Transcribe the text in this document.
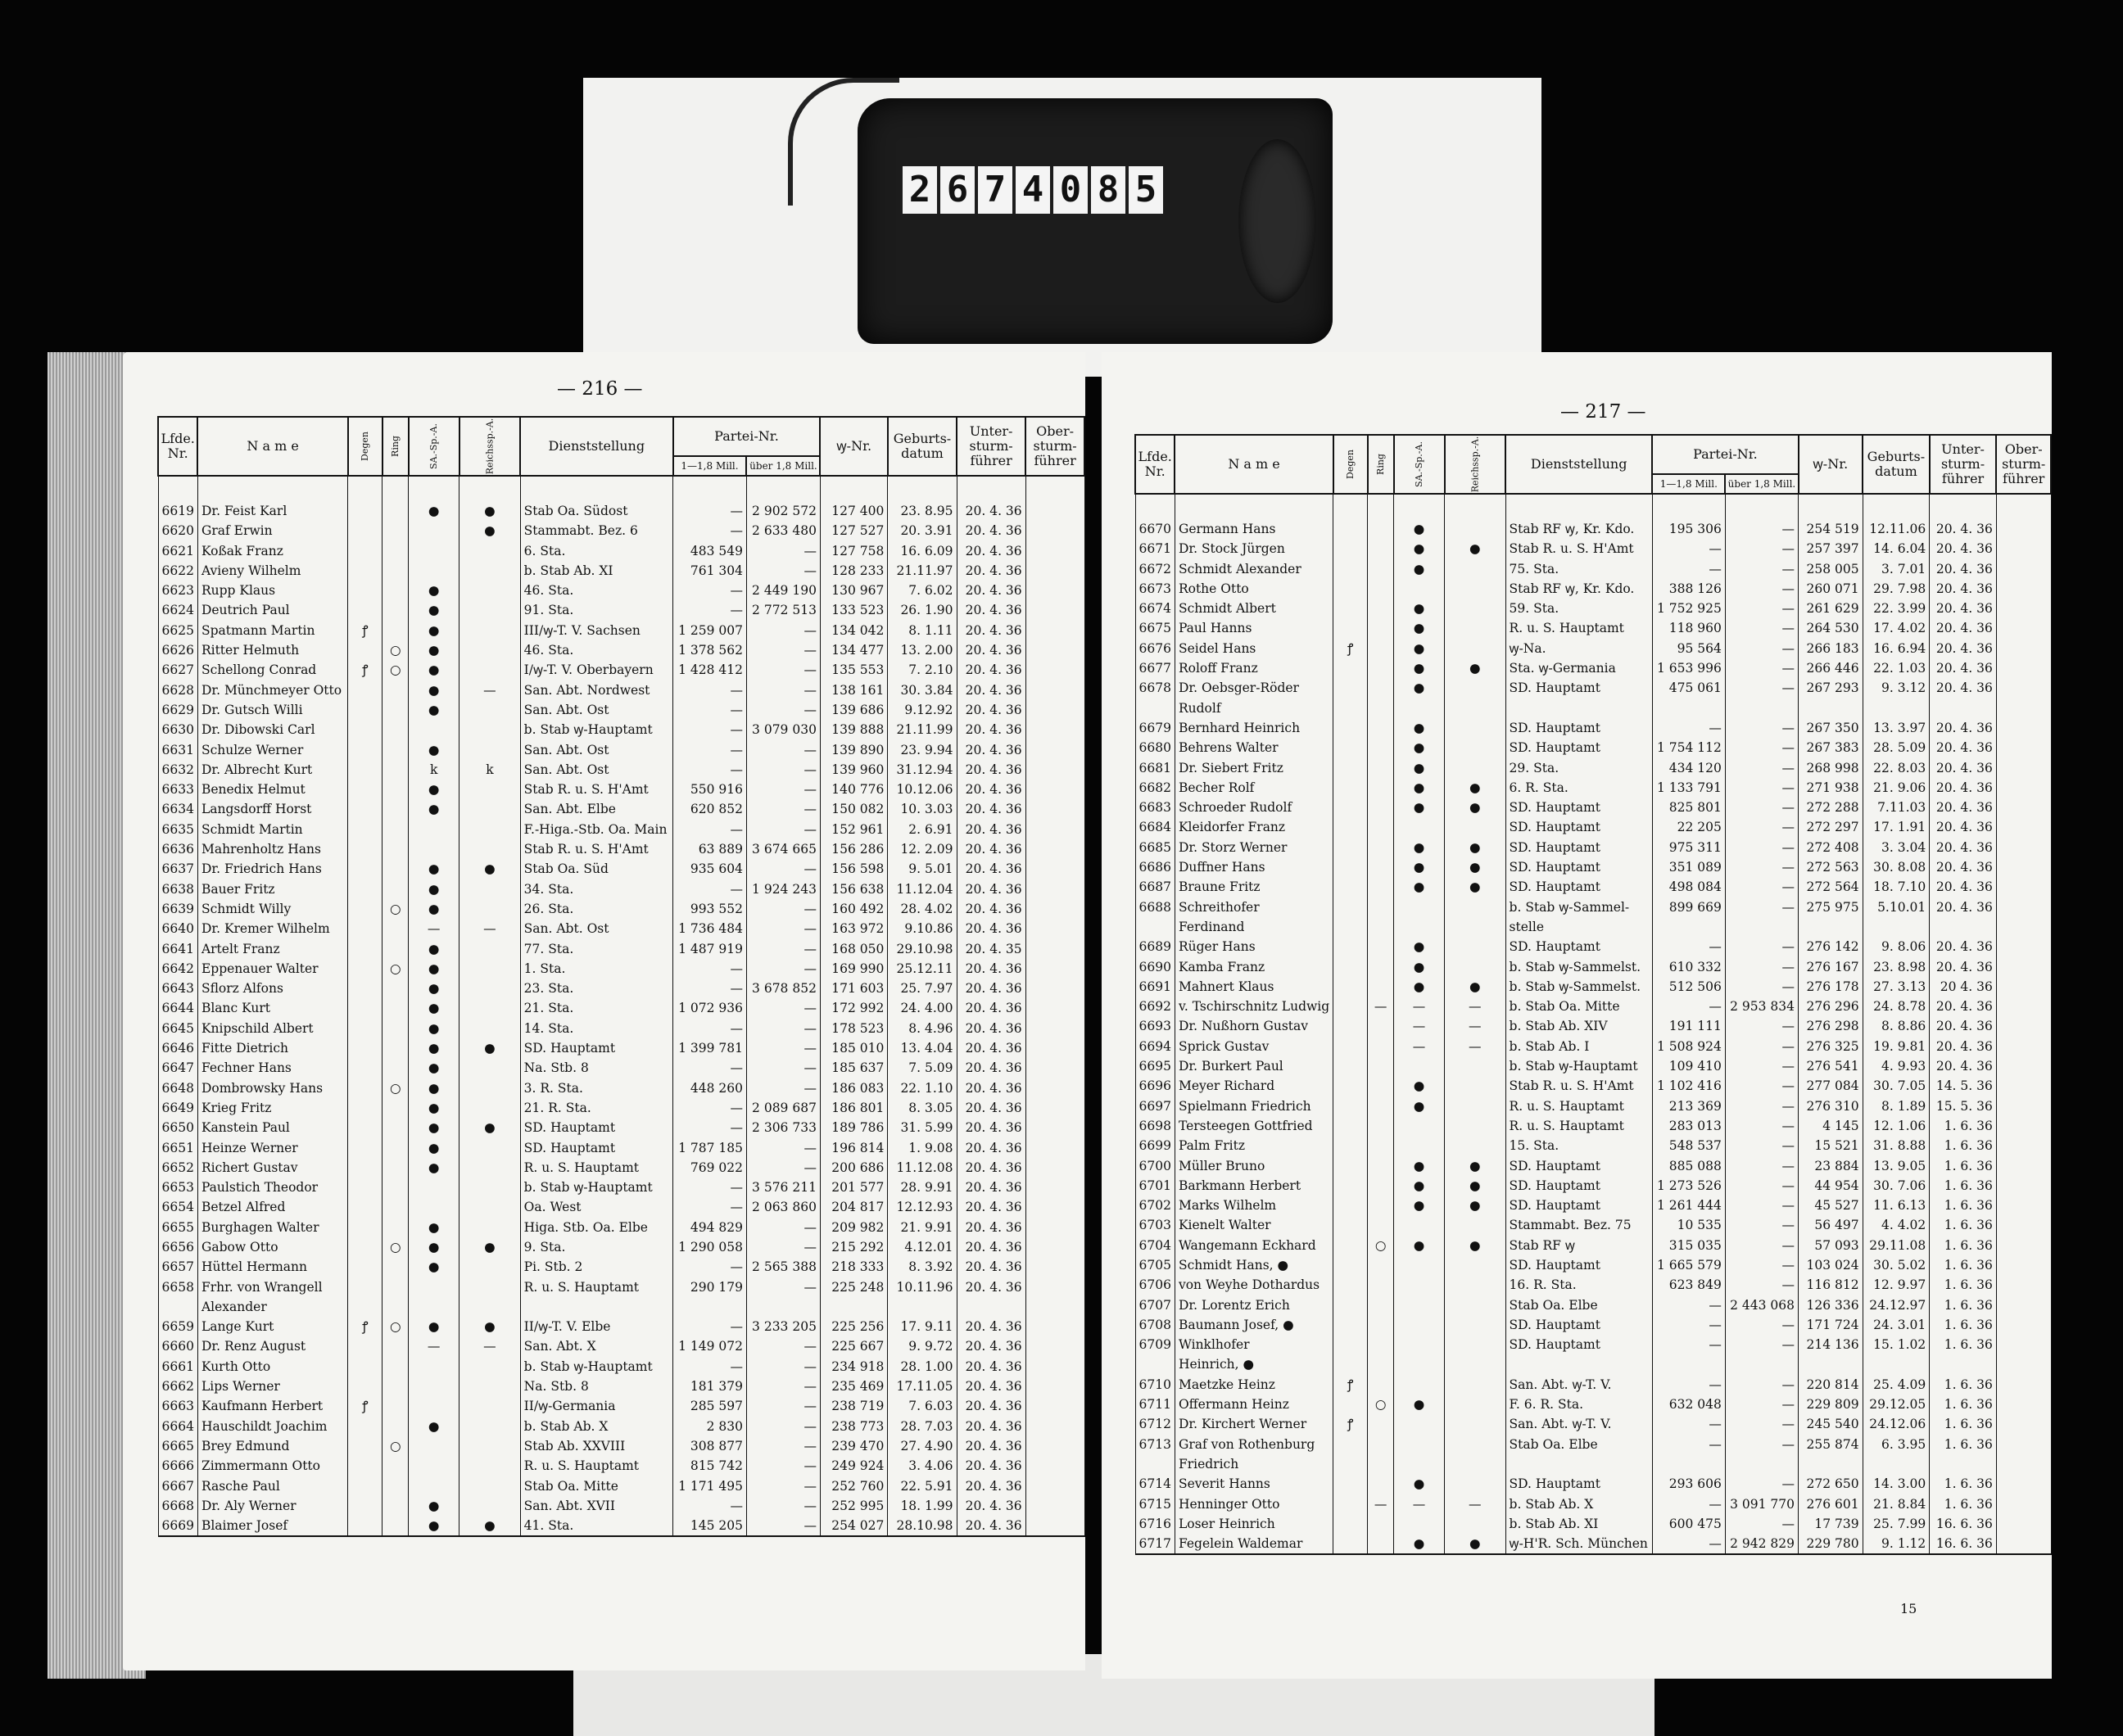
2 6 7 4 0 8 5
— 216 —
Lfde. Nr.	N a m e	Degen	Ring	SA.-Sp.-A.	Reichssp.-A.	Dienststellung	Partei-Nr.		ꝡ-Nr.	Geburts-datum	Unter-sturm-führer	Ober-sturm-führer
							1—1,8 Mill.	über 1,8 Mill.				

6619	Dr. Feist Karl			●	●	Stab Oa. Südost	—	2 902 572	127 400	23. 8.95	20. 4. 36	
6620	Graf Erwin				●	Stammabt. Bez. 6	—	2 633 480	127 527	20. 3.91	20. 4. 36	
6621	Koßak Franz					6. Sta.	483 549	—	127 758	16. 6.09	20. 4. 36	
6622	Avieny Wilhelm					b. Stab Ab. XI	761 304	—	128 233	21.11.97	20. 4. 36	
6623	Rupp Klaus			●		46. Sta.	—	2 449 190	130 967	7. 6.02	20. 4. 36	
6624	Deutrich Paul			●		91. Sta.	—	2 772 513	133 523	26. 1.90	20. 4. 36	
6625	Spatmann Martin	ꝭ		●		III/ꝡ-T. V. Sachsen	1 259 007	—	134 042	8. 1.11	20. 4. 36	
6626	Ritter Helmuth		○	●		46. Sta.	1 378 562	—	134 477	13. 2.00	20. 4. 36	
6627	Schellong Conrad	ꝭ	○	●		I/ꝡ-T. V. Oberbayern	1 428 412	—	135 553	7. 2.10	20. 4. 36	
6628	Dr. Münchmeyer Otto			●	—	San. Abt. Nordwest	—	—	138 161	30. 3.84	20. 4. 36	
6629	Dr. Gutsch Willi			●		San. Abt. Ost	—	—	139 686	9.12.92	20. 4. 36	
6630	Dr. Dibowski Carl					b. Stab ꝡ-Hauptamt	—	3 079 030	139 888	21.11.99	20. 4. 36	
6631	Schulze Werner			●		San. Abt. Ost	—	—	139 890	23. 9.94	20. 4. 36	
6632	Dr. Albrecht Kurt			k	k	San. Abt. Ost	—	—	139 960	31.12.94	20. 4. 36	
6633	Benedix Helmut			●		Stab R. u. S. H'Amt	550 916	—	140 776	10.12.06	20. 4. 36	
6634	Langsdorff Horst			●		San. Abt. Elbe	620 852	—	150 082	10. 3.03	20. 4. 36	
6635	Schmidt Martin					F.-Higa.-Stb. Oa. Main	—	—	152 961	2. 6.91	20. 4. 36	
6636	Mahrenholtz Hans					Stab R. u. S. H'Amt	63 889	3 674 665	156 286	12. 2.09	20. 4. 36	
6637	Dr. Friedrich Hans			●	●	Stab Oa. Süd	935 604	—	156 598	9. 5.01	20. 4. 36	
6638	Bauer Fritz			●		34. Sta.	—	1 924 243	156 638	11.12.04	20. 4. 36	
6639	Schmidt Willy		○	●		26. Sta.	993 552	—	160 492	28. 4.02	20. 4. 36	
6640	Dr. Kremer Wilhelm			—	—	San. Abt. Ost	1 736 484	—	163 972	9.10.86	20. 4. 36	
6641	Artelt Franz			●		77. Sta.	1 487 919	—	168 050	29.10.98	20. 4. 35	
6642	Eppenauer Walter		○	●		1. Sta.	—	—	169 990	25.12.11	20. 4. 36	
6643	Sflorz Alfons			●		23. Sta.	—	3 678 852	171 603	25. 7.97	20. 4. 36	
6644	Blanc Kurt			●		21. Sta.	1 072 936	—	172 992	24. 4.00	20. 4. 36	
6645	Knipschild Albert			●		14. Sta.	—	—	178 523	8. 4.96	20. 4. 36	
6646	Fitte Dietrich			●	●	SD. Hauptamt	1 399 781	—	185 010	13. 4.04	20. 4. 36	
6647	Fechner Hans			●		Na. Stb. 8	—	—	185 637	7. 5.09	20. 4. 36	
6648	Dombrowsky Hans		○	●		3. R. Sta.	448 260	—	186 083	22. 1.10	20. 4. 36	
6649	Krieg Fritz			●		21. R. Sta.	—	2 089 687	186 801	8. 3.05	20. 4. 36	
6650	Kanstein Paul			●	●	SD. Hauptamt	—	2 306 733	189 786	31. 5.99	20. 4. 36	
6651	Heinze Werner			●		SD. Hauptamt	1 787 185	—	196 814	1. 9.08	20. 4. 36	
6652	Richert Gustav			●		R. u. S. Hauptamt	769 022	—	200 686	11.12.08	20. 4. 36	
6653	Paulstich Theodor					b. Stab ꝡ-Hauptamt	—	3 576 211	201 577	28. 9.91	20. 4. 36	
6654	Betzel Alfred					Oa. West	—	2 063 860	204 817	12.12.93	20. 4. 36	
6655	Burghagen Walter			●		Higa. Stb. Oa. Elbe	494 829	—	209 982	21. 9.91	20. 4. 36	
6656	Gabow Otto		○	●	●	9. Sta.	1 290 058	—	215 292	4.12.01	20. 4. 36	
6657	Hüttel Hermann			●		Pi. Stb. 2	—	2 565 388	218 333	8. 3.92	20. 4. 36	
6658	Frhr. von Wrangell					R. u. S. Hauptamt	290 179	—	225 248	10.11.96	20. 4. 36	
	Alexander											
6659	Lange Kurt	ꝭ	○	●	●	II/ꝡ-T. V. Elbe	—	3 233 205	225 256	17. 9.11	20. 4. 36	
6660	Dr. Renz August			—	—	San. Abt. X	1 149 072	—	225 667	9. 9.72	20. 4. 36	
6661	Kurth Otto					b. Stab ꝡ-Hauptamt	—	—	234 918	28. 1.00	20. 4. 36	
6662	Lips Werner					Na. Stb. 8	181 379	—	235 469	17.11.05	20. 4. 36	
6663	Kaufmann Herbert	ꝭ				II/ꝡ-Germania	285 597	—	238 719	7. 6.03	20. 4. 36	
6664	Hauschildt Joachim			●		b. Stab Ab. X	2 830	—	238 773	28. 7.03	20. 4. 36	
6665	Brey Edmund		○			Stab Ab. XXVIII	308 877	—	239 470	27. 4.90	20. 4. 36	
6666	Zimmermann Otto					R. u. S. Hauptamt	815 742	—	249 924	3. 4.06	20. 4. 36	
6667	Rasche Paul					Stab Oa. Mitte	1 171 495	—	252 760	22. 5.91	20. 4. 36	
6668	Dr. Aly Werner			●		San. Abt. XVII	—	—	252 995	18. 1.99	20. 4. 36	
6669	Blaimer Josef			●	●	41. Sta.	145 205	—	254 027	28.10.98	20. 4. 36	
— 217 —
Lfde. Nr.	N a m e	Degen	Ring	SA.-Sp.-A.	Reichssp.-A.	Dienststellung	Partei-Nr.		ꝡ-Nr.	Geburts-datum	Unter-sturm-führer	Ober-sturm-führer
							1—1,8 Mill.	über 1,8 Mill.				

6670	Germann Hans			●		Stab RF ꝡ, Kr. Kdo.	195 306	—	254 519	12.11.06	20. 4. 36	
6671	Dr. Stock Jürgen			●	●	Stab R. u. S. H'Amt	—	—	257 397	14. 6.04	20. 4. 36	
6672	Schmidt Alexander			●		75. Sta.	—	—	258 005	3. 7.01	20. 4. 36	
6673	Rothe Otto					Stab RF ꝡ, Kr. Kdo.	388 126	—	260 071	29. 7.98	20. 4. 36	
6674	Schmidt Albert			●		59. Sta.	1 752 925	—	261 629	22. 3.99	20. 4. 36	
6675	Paul Hanns			●		R. u. S. Hauptamt	118 960	—	264 530	17. 4.02	20. 4. 36	
6676	Seidel Hans	ꝭ		●		ꝡ-Na.	95 564	—	266 183	16. 6.94	20. 4. 36	
6677	Roloff Franz			●	●	Sta. ꝡ-Germania	1 653 996	—	266 446	22. 1.03	20. 4. 36	
6678	Dr. Oebsger-Röder			●		SD. Hauptamt	475 061	—	267 293	9. 3.12	20. 4. 36	
	Rudolf											
6679	Bernhard Heinrich			●		SD. Hauptamt	—	—	267 350	13. 3.97	20. 4. 36	
6680	Behrens Walter			●		SD. Hauptamt	1 754 112	—	267 383	28. 5.09	20. 4. 36	
6681	Dr. Siebert Fritz			●		29. Sta.	434 120	—	268 998	22. 8.03	20. 4. 36	
6682	Becher Rolf			●	●	6. R. Sta.	1 133 791	—	271 938	21. 9.06	20. 4. 36	
6683	Schroeder Rudolf			●	●	SD. Hauptamt	825 801	—	272 288	7.11.03	20. 4. 36	
6684	Kleidorfer Franz					SD. Hauptamt	22 205	—	272 297	17. 1.91	20. 4. 36	
6685	Dr. Storz Werner			●	●	SD. Hauptamt	975 311	—	272 408	3. 3.04	20. 4. 36	
6686	Duffner Hans			●	●	SD. Hauptamt	351 089	—	272 563	30. 8.08	20. 4. 36	
6687	Braune Fritz			●	●	SD. Hauptamt	498 084	—	272 564	18. 7.10	20. 4. 36	
6688	Schreithofer					b. Stab ꝡ-Sammel-	899 669	—	275 975	5.10.01	20. 4. 36	
	Ferdinand					stelle						
6689	Rüger Hans			●		SD. Hauptamt	—	—	276 142	9. 8.06	20. 4. 36	
6690	Kamba Franz			●		b. Stab ꝡ-Sammelst.	610 332	—	276 167	23. 8.98	20. 4. 36	
6691	Mahnert Klaus			●	●	b. Stab ꝡ-Sammelst.	512 506	—	276 178	27. 3.13	20 4. 36	
6692	v. Tschirschnitz Ludwig		—	—	—	b. Stab Oa. Mitte	—	2 953 834	276 296	24. 8.78	20. 4. 36	
6693	Dr. Nußhorn Gustav			—	—	b. Stab Ab. XIV	191 111	—	276 298	8. 8.86	20. 4. 36	
6694	Sprick Gustav			—	—	b. Stab Ab. I	1 508 924	—	276 325	19. 9.81	20. 4. 36	
6695	Dr. Burkert Paul					b. Stab ꝡ-Hauptamt	109 410	—	276 541	4. 9.93	20. 4. 36	
6696	Meyer Richard			●		Stab R. u. S. H'Amt	1 102 416	—	277 084	30. 7.05	14. 5. 36	
6697	Spielmann Friedrich			●		R. u. S. Hauptamt	213 369	—	276 310	8. 1.89	15. 5. 36	
6698	Tersteegen Gottfried					R. u. S. Hauptamt	283 013	—	4 145	12. 1.06	1. 6. 36	
6699	Palm Fritz					15. Sta.	548 537	—	15 521	31. 8.88	1. 6. 36	
6700	Müller Bruno			●	●	SD. Hauptamt	885 088	—	23 884	13. 9.05	1. 6. 36	
6701	Barkmann Herbert			●	●	SD. Hauptamt	1 273 526	—	44 954	30. 7.06	1. 6. 36	
6702	Marks Wilhelm			●	●	SD. Hauptamt	1 261 444	—	45 527	11. 6.13	1. 6. 36	
6703	Kienelt Walter					Stammabt. Bez. 75	10 535	—	56 497	4. 4.02	1. 6. 36	
6704	Wangemann Eckhard		○	●	●	Stab RF ꝡ	315 035	—	57 093	29.11.08	1. 6. 36	
6705	Schmidt Hans, ●					SD. Hauptamt	1 665 579	—	103 024	30. 5.02	1. 6. 36	
6706	von Weyhe Dothardus					16. R. Sta.	623 849	—	116 812	12. 9.97	1. 6. 36	
6707	Dr. Lorentz Erich					Stab Oa. Elbe	—	2 443 068	126 336	24.12.97	1. 6. 36	
6708	Baumann Josef, ●					SD. Hauptamt	—	—	171 724	24. 3.01	1. 6. 36	
6709	Winklhofer					SD. Hauptamt	—	—	214 136	15. 1.02	1. 6. 36	
	Heinrich, ●											
6710	Maetzke Heinz	ꝭ				San. Abt. ꝡ-T. V.	—	—	220 814	25. 4.09	1. 6. 36	
6711	Offermann Heinz		○	●		F. 6. R. Sta.	632 048	—	229 809	29.12.05	1. 6. 36	
6712	Dr. Kirchert Werner	ꝭ				San. Abt. ꝡ-T. V.	—	—	245 540	24.12.06	1. 6. 36	
6713	Graf von Rothenburg					Stab Oa. Elbe	—	—	255 874	6. 3.95	1. 6. 36	
	Friedrich											
6714	Severit Hanns			●		SD. Hauptamt	293 606	—	272 650	14. 3.00	1. 6. 36	
6715	Henninger Otto		—	—	—	b. Stab Ab. X	—	3 091 770	276 601	21. 8.84	1. 6. 36	
6716	Loser Heinrich					b. Stab Ab. XI	600 475	—	17 739	25. 7.99	16. 6. 36	
6717	Fegelein Waldemar			●	●	ꝡ-H'R. Sch. München	—	2 942 829	229 780	9. 1.12	16. 6. 36	
15
